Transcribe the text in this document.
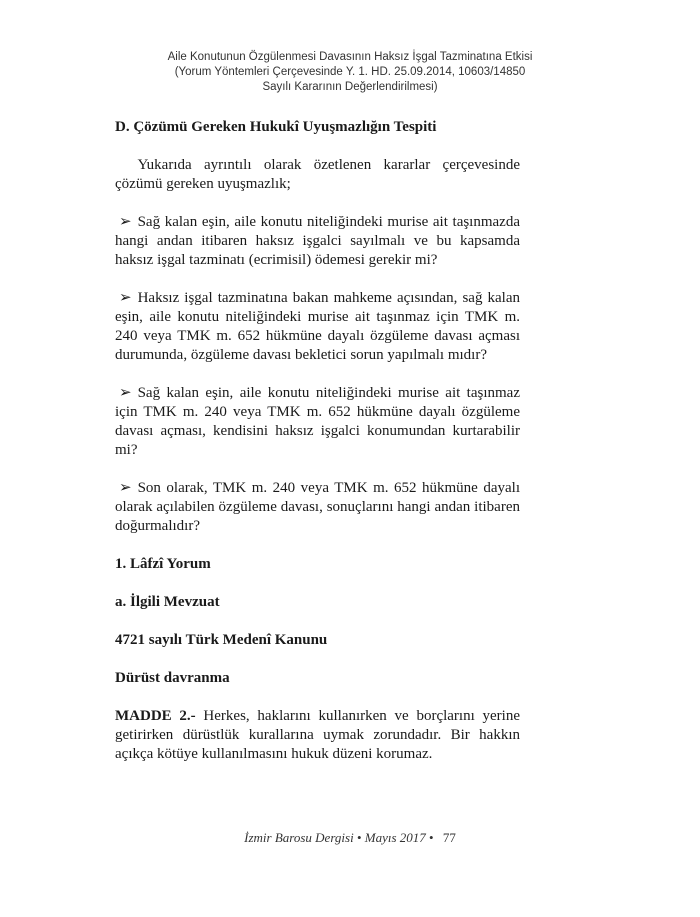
Aile Konutunun Özgülenmesi Davasının Haksız İşgal Tazminatına Etkisi
(Yorum Yöntemleri Çerçevesinde Y. 1. HD. 25.09.2014, 10603/14850
Sayılı Kararının Değerlendirilmesi)

D. Çözümü Gereken Hukukî Uyuşmazlığın Tespiti

  Yukarıda ayrıntılı olarak özetlenen kararlar çerçevesinde çözümü gereken uyuşmazlık;

➢ Sağ kalan eşin, aile konutu niteliğindeki murise ait taşınmazda hangi andan itibaren haksız işgalci sayılmalı ve bu kapsamda haksız işgal tazminatı (ecrimisil) ödemesi gerekir mi?

➢ Haksız işgal tazminatına bakan mahkeme açısından, sağ kalan eşin, aile konutu niteliğindeki murise ait taşınmaz için TMK m. 240 veya TMK m. 652 hükmüne dayalı özgüleme davası açması durumunda, özgüleme davası bekletici sorun yapılmalı mıdır?

➢ Sağ kalan eşin, aile konutu niteliğindeki murise ait taşınmaz için TMK m. 240 veya TMK m. 652 hükmüne dayalı özgüleme davası açması, kendisini haksız işgalci konumundan kurtarabilir mi?

➢ Son olarak, TMK m. 240 veya TMK m. 652 hükmüne dayalı olarak açılabilen özgüleme davası, sonuçlarını hangi andan itibaren doğurmalıdır?

1. Lâfzî Yorum

a. İlgili Mevzuat

4721 sayılı Türk Medenî Kanunu

Dürüst davranma

MADDE 2.- Herkes, haklarını kullanırken ve borçlarını yerine getirirken dürüstlük kurallarına uymak zorundadır. Bir hakkın açıkça kötüye kullanılmasını hukuk düzeni korumaz.

İzmir Barosu Dergisi • Mayıs 2017 • 77
